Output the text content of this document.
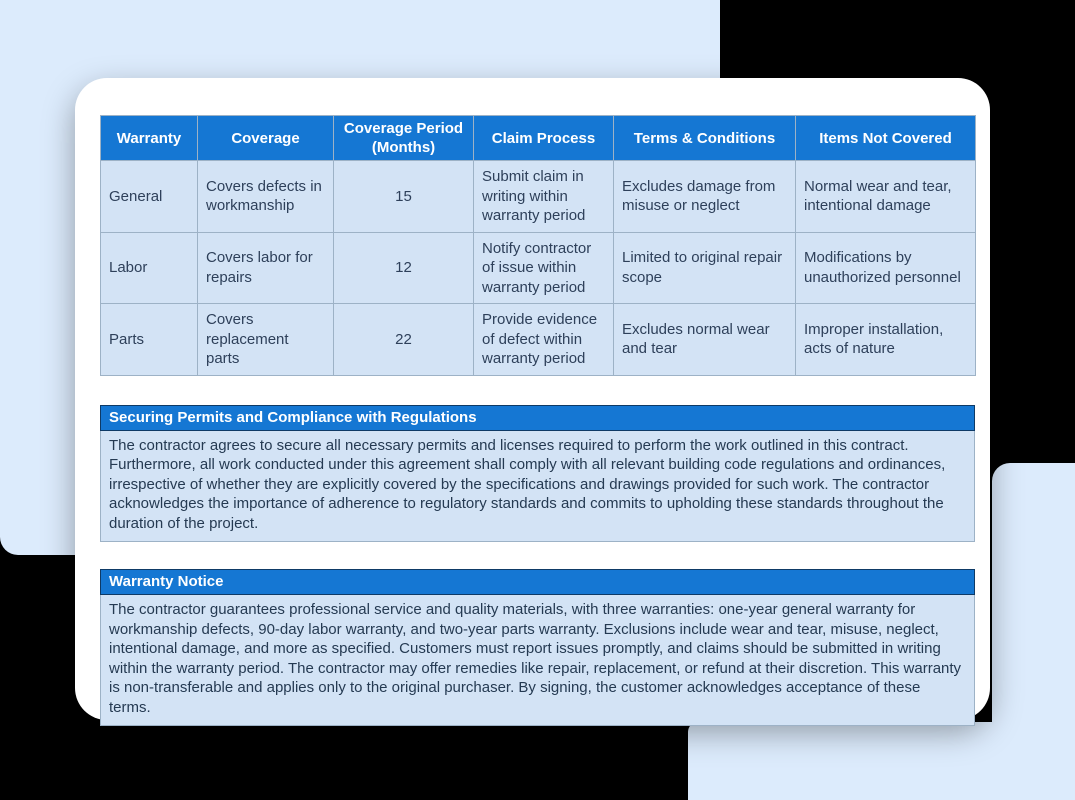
Warranty	Coverage	Coverage Period (Months)	Claim Process	Terms & Conditions	Items Not Covered
General	Covers defects in workmanship	15	Submit claim in writing within warranty period	Excludes damage from misuse or neglect	Normal wear and tear, intentional damage
Labor	Covers labor for repairs	12	Notify contractor of issue within warranty period	Limited to original repair scope	Modifications by unauthorized personnel
Parts	Covers replacement parts	22	Provide evidence of defect within warranty period	Excludes normal wear and tear	Improper installation, acts of nature
Securing Permits and Compliance with Regulations
The contractor agrees to secure all necessary permits and licenses required to perform the work outlined in this contract. Furthermore, all work conducted under this agreement shall comply with all relevant building code regulations and ordinances, irrespective of whether they are explicitly covered by the specifications and drawings provided for such work. The contractor acknowledges the importance of adherence to regulatory standards and commits to upholding these standards throughout the duration of the project.
Warranty Notice
The contractor guarantees professional service and quality materials, with three warranties: one-year general warranty for workmanship defects, 90-day labor warranty, and two-year parts warranty. Exclusions include wear and tear, misuse, neglect, intentional damage, and more as specified. Customers must report issues promptly, and claims should be submitted in writing within the warranty period. The contractor may offer remedies like repair, replacement, or refund at their discretion. This warranty is non-transferable and applies only to the original purchaser. By signing, the customer acknowledges acceptance of these terms.
